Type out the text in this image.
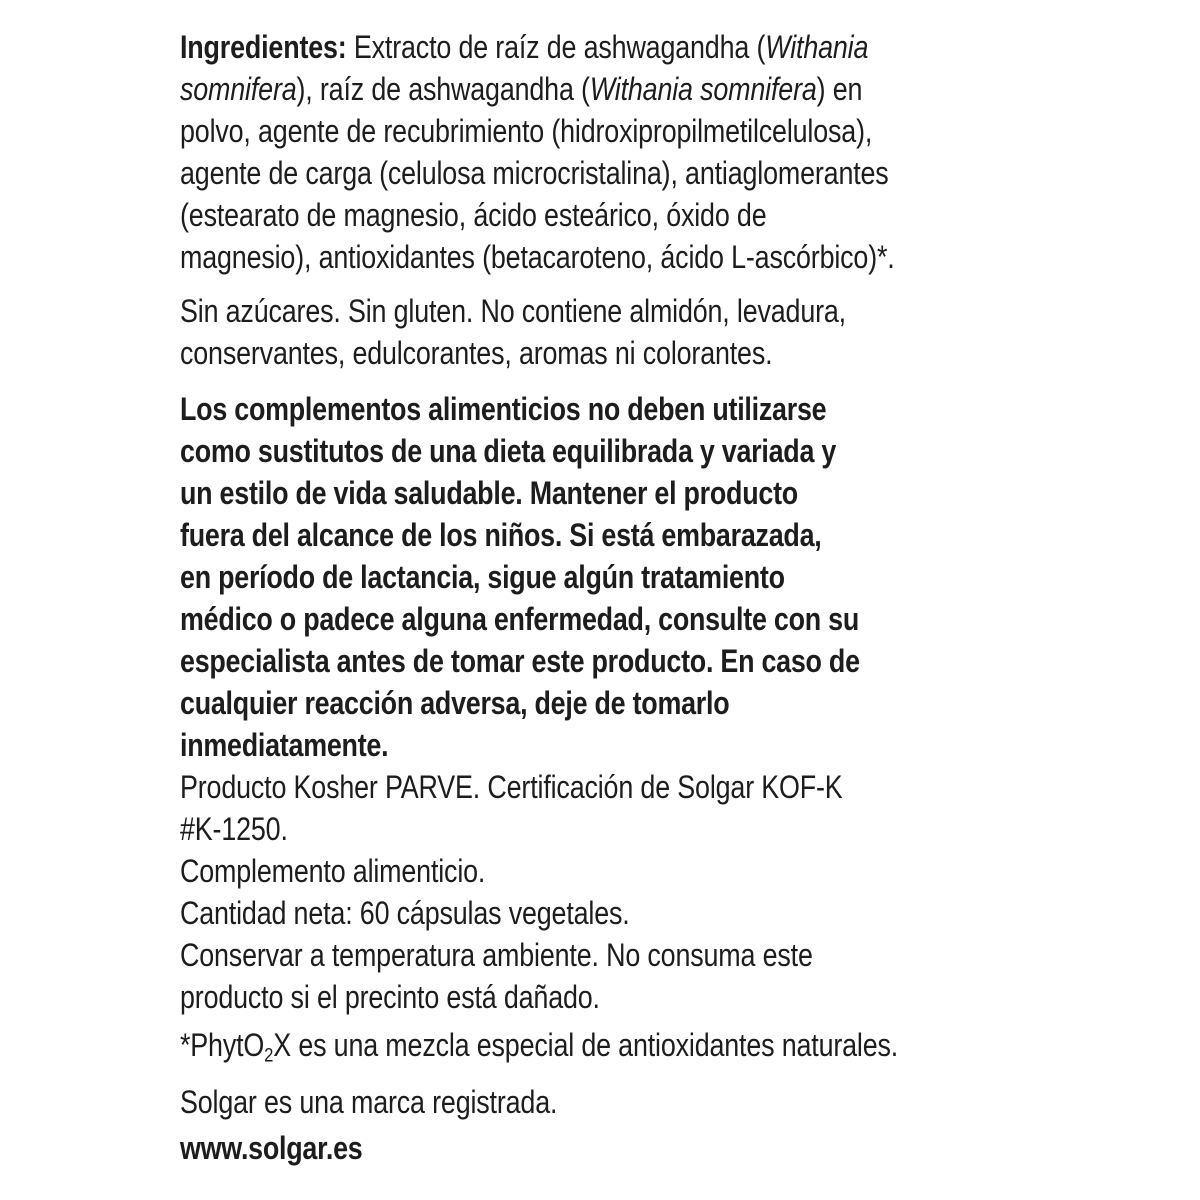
Ingredientes: Extracto de raíz de ashwagandha (Withania
somnifera), raíz de ashwagandha (Withania somnifera) en
polvo, agente de recubrimiento (hidroxipropilmetilcelulosa),
agente de carga (celulosa microcristalina), antiaglomerantes
(estearato de magnesio, ácido esteárico, óxido de
magnesio), antioxidantes (betacaroteno, ácido L-ascórbico)*.
Sin azúcares. Sin gluten. No contiene almidón, levadura,
conservantes, edulcorantes, aromas ni colorantes.
Los complementos alimenticios no deben utilizarse
como sustitutos de una dieta equilibrada y variada y
un estilo de vida saludable. Mantener el producto
fuera del alcance de los niños. Si está embarazada,
en período de lactancia, sigue algún tratamiento
médico o padece alguna enfermedad, consulte con su
especialista antes de tomar este producto. En caso de
cualquier reacción adversa, deje de tomarlo
inmediatamente.
Producto Kosher PARVE. Certificación de Solgar KOF-K
#K-1250.
Complemento alimenticio.
Cantidad neta: 60 cápsulas vegetales.
Conservar a temperatura ambiente. No consuma este
producto si el precinto está dañado.
*PhytO$_2$X es una mezcla especial de antioxidantes naturales.
Solgar es una marca registrada.
www.solgar.es
